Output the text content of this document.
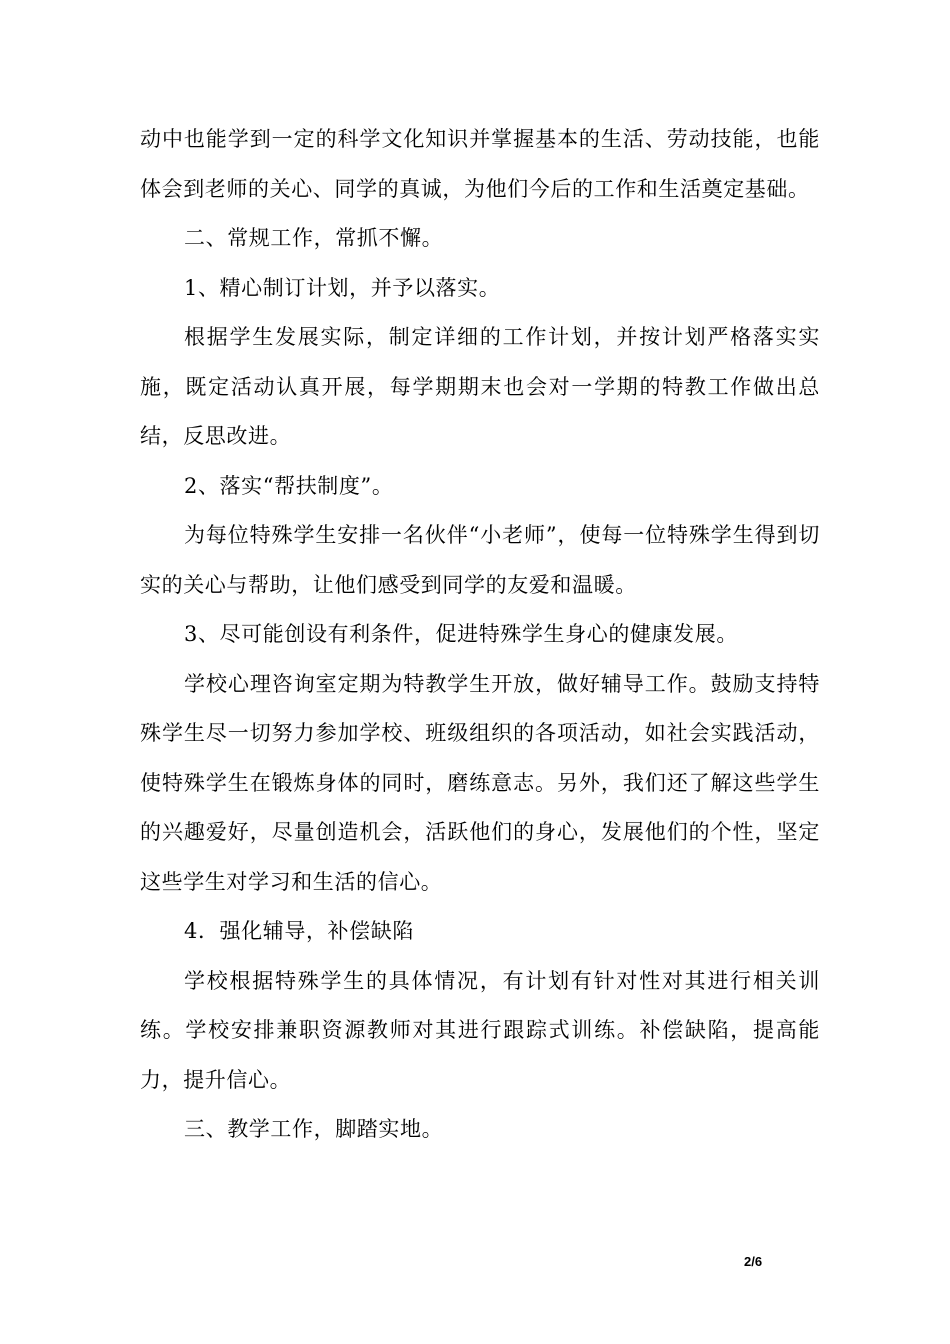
动中也能学到一定的科学文化知识并掌握基本的生活、劳动技能，也能体会到老师的关心、同学的真诚，为他们今后的工作和生活奠定基础。

二、常规工作，常抓不懈。

1、精心制订计划，并予以落实。

根据学生发展实际，制定详细的工作计划，并按计划严格落实实施，既定活动认真开展，每学期期末也会对一学期的特教工作做出总结，反思改进。

2、落实“帮扶制度”。

为每位特殊学生安排一名伙伴“小老师”，使每一位特殊学生得到切实的关心与帮助，让他们感受到同学的友爱和温暖。

3、尽可能创设有利条件，促进特殊学生身心的健康发展。

学校心理咨询室定期为特教学生开放，做好辅导工作。鼓励支持特殊学生尽一切努力参加学校、班级组织的各项活动，如社会实践活动，使特殊学生在锻炼身体的同时，磨练意志。另外，我们还了解这些学生的兴趣爱好，尽量创造机会，活跃他们的身心，发展他们的个性，坚定这些学生对学习和生活的信心。

4．强化辅导，补偿缺陷

学校根据特殊学生的具体情况，有计划有针对性对其进行相关训练。学校安排兼职资源教师对其进行跟踪式训练。补偿缺陷，提高能力，提升信心。

三、教学工作，脚踏实地。

2/6
